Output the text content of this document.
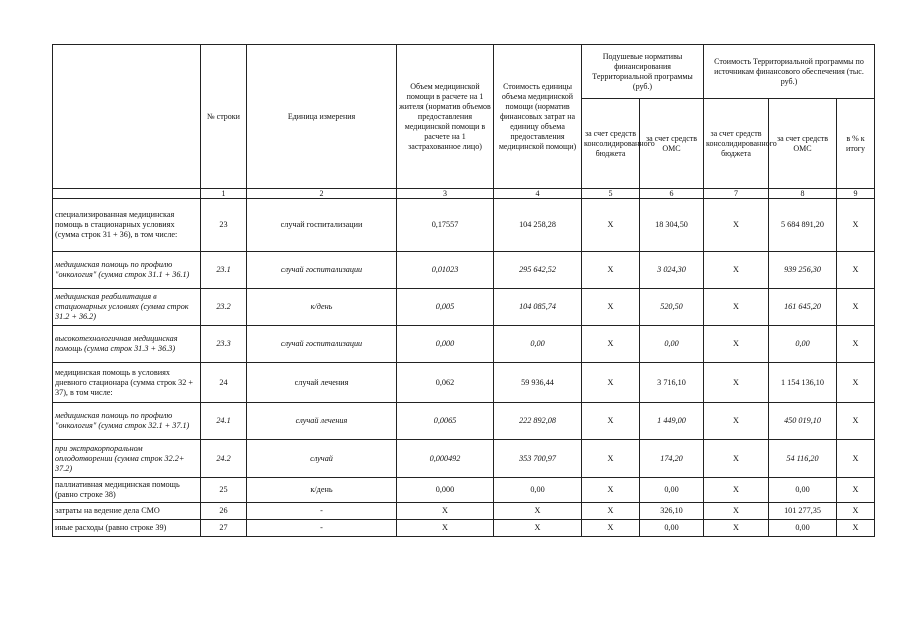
	№ строки	Единица измерения	Объем медицинской помощи в расчете на 1 жителя (норматив объемов предоставления медицинской помощи в расчете на 1 застрахованное лицо)	Стоимость единицы объема медицинской помощи (норматив финансовых затрат на единицу объема предоставления медицинской помощи)	Подушевые нормативы финансирования Территориальной программы (руб.)		Стоимость Территориальной программы по источникам финансового обеспечения (тыс. руб.)		
					за счет средств консолидированного бюджета	за счет средств ОМС	за счет средств консолидированного бюджета	за счет средств ОМС	в % к итогу
	1	2	3	4	5	6	7	8	9
специализированная медицинская помощь в стационарных условиях (сумма строк 31 + 36), в том числе:	23	случай госпитализации	0,17557	104 258,28	Х	18 304,50	Х	5 684 891,20	Х
медицинская помощь по профилю "онкология" (сумма строк 31.1 + 36.1)	23.1	случай госпитализации	0,01023	295 642,52	Х	3 024,30	Х	939 256,30	Х
медицинская реабилитация в стационарных условиях (сумма строк 31.2 + 36.2)	23.2	к/день	0,005	104 085,74	Х	520,50	Х	161 645,20	Х
высокотехнологичная медицинская помощь (сумма строк 31.3 + 36.3)	23.3	случай госпитализации	0,000	0,00	Х	0,00	Х	0,00	Х
медицинская помощь в условиях дневного стационара (сумма строк 32 + 37), в том числе:	24	случай лечения	0,062	59 936,44	Х	3 716,10	Х	1 154 136,10	Х
медицинская помощь по профилю "онкология" (сумма строк 32.1 + 37.1)	24.1	случай лечения	0,0065	222 892,08	Х	1 449,00	Х	450 019,10	Х
при экстракорпоральном оплодотворении (сумма строк 32.2+ 37.2)	24.2	случай	0,000492	353 700,97	Х	174,20	Х	54 116,20	Х
паллиативная медицинская помощь (равно строке 38)	25	к/день	0,000	0,00	Х	0,00	Х	0,00	Х
затраты на ведение дела СМО	26	-	Х	Х	Х	326,10	Х	101 277,35	Х
иные расходы (равно строке 39)	27	-	Х	Х	Х	0,00	Х	0,00	Х
